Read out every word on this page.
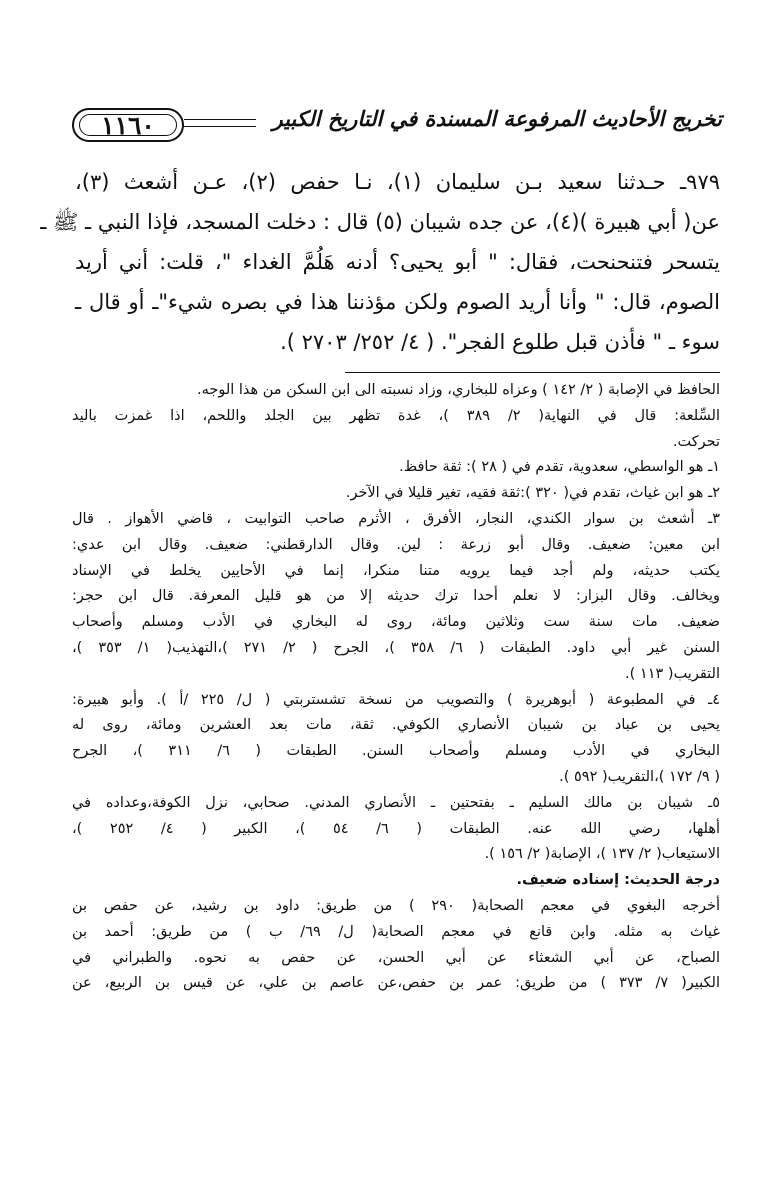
١١٦٠	تخريج الأحاديث المرفوعة المسندة في التاريخ الكبير
٩٧٩ـ حـدثنا سعيد بـن سليمان (١)، نـا حفص (٢)، عـن أشعث (٣)،
عن( أبي هبيرة )(٤)، عن جده شيبان (٥) قال : دخلت المسجد، فإذا النبي ـ ﷺ ـ
يتسحر فتنحنحت، فقال: " أبو يحيى؟ أدنه هَلُمَّ الغداء "، قلت: أني أريد
الصوم، قال: " وأنا أريد الصوم ولكن مؤذننا هذا في بصره شيء"ـ أو قال ـ
سوء ـ " فأذن قبل طلوع الفجر". ( ٤/ ٢٥٢/ ٢٧٠٣ ).
الحافظ في الإصابة ( ٢/ ١٤٢ ) وعزاه للبخاري، وزاد نسبته الى ابن السكن من هذا الوجه.
السِّلعة: قال في النهاية( ٢/ ٣٨٩ )، غدة تظهر بين الجلد واللحم، اذا غمزت باليد
تحركت.
١ـ هو الواسطي، سعدوية، تقدم في ( ٢٨ ): ثقة حافظ.
٢ـ هو ابن غياث، تقدم في( ٣٢٠ ):ثقة فقيه، تغير قليلا في الآخر.
٣ـ أشعث بن سوار الكندي، النجار، الأفرق ، الأثرم صاحب التوابيت ، قاضي الأهواز . قال
ابن معين: ضعيف. وقال أبو زرعة : لين. وقال الدارقطني: ضعيف. وقال ابن عدي:
يكتب حديثه، ولم أجد فيما يرويه متنا منكرا، إنما في الأحايين يخلط في الإسناد
ويخالف. وقال البزار: لا نعلم أحدا ترك حديثه إلا من هو قليل المعرفة. قال ابن حجر:
ضعيف. مات سنة ست وثلاثين ومائة، روى له البخاري في الأدب ومسلم وأصحاب
السنن غير أبي داود. الطبقات ( ٦/ ٣٥٨ )، الجرح ( ٢/ ٢٧١ )،التهذيب( ١/ ٣٥٣ )،
التقريب( ١١٣ ).
٤ـ في المطبوعة ( أبوهريرة ) والتصويب من نسخة تشستربتي ( ل/ ٢٢٥ /أ ). وأبو هبيرة:
يحيى بن عباد بن شيبان الأنصاري الكوفي. ثقة، مات بعد العشرين ومائة، روى له
البخاري في الأدب ومسلم وأصحاب السنن. الطبقات ( ٦/ ٣١١ )، الجرح
( ٩/ ١٧٢ )،التقريب( ٥٩٢ ).
٥ـ شيبان بن مالك السليم ـ بفتحتين ـ الأنصاري المدني. صحابي، نزل الكوفة،وعداده في
أهلها، رضي الله عنه. الطبقات ( ٦/ ٥٤ )، الكبير ( ٤/ ٢٥٢ )،
الاستيعاب( ٢/ ١٣٧ )، الإصابة( ٢/ ١٥٦ ).
درجة الحديث: إسناده ضعيف.
أخرجه البغوي في معجم الصحابة( ٢٩٠ ) من طريق: داود بن رشيد، عن حفص بن
غياث به مثله. وابن قانع في معجم الصحابة( ل/ ٦٩/ ب ) من طريق: أحمد بن
الصباح، عن أبي الشعثاء عن أبي الحسن، عن حفص به نحوه. والطبراني في
الكبير( ٧/ ٣٧٣ ) من طريق: عمر بن حفص،عن عاصم بن علي، عن قيس بن الربيع، عن
